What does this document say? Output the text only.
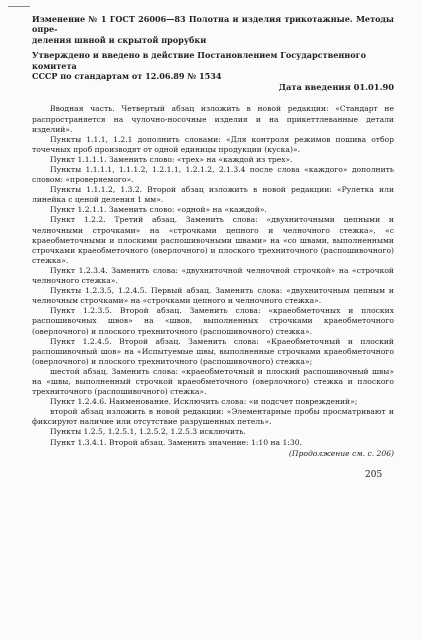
Изменение № 1 ГОСТ 26006—83 Полотна и изделия трикотажные. Методы опре-
деления швной и скрытой прорубки
Утверждено и введено в действие Постановлением Государственного комитета
СССР по стандартам от 12.06.89 № 1534
Дата введения 01.01.90
Вводная часть. Четвертый абзац изложить в новой редакции: «Стандарт не распространяется на чулочно-носочные изделия и на прикеттлеванные детали изделий».
Пункты 1.1.1, 1.2.1 дополнить словами: «Для контроля режимов пошива отбор точечных проб производят от одной единицы продукции (куска)».
Пункт 1.1.1.1. Заменить слово: «трех» на «каждой из трех».
Пункты 1.1.1.1, 1.1.1.2, 1.2.1.1, 1.2.1.2, 2.1.3.4 после слова «каждого» дополнить словом: «проверяемого».
Пункты 1.1.1.2, 1.3.2. Второй абзац изложить в новой редакции: «Рулетка или линейка с ценой деления 1 мм».
Пункт 1.2.1.1. Заменить слово: «одной» на «каждой».
Пункт 1.2.2. Третий абзац. Заменить слова: «двухниточными цепными и челночными строчками» на «строчками цепного и челночного стежка», «с краеобметочными и плоскими распошивочными швами» на «со швами, выполненными строчками краеобметочного (оверлочного) и плоского трехниточного (распошивочного) стежка».
Пункт 1.2.3.4. Заменить слова: «двухниточной челночной строчкой» на «строчкой челночного стежка».
Пункты 1.2.3.5, 1.2.4.5. Первый абзац. Заменить слова: «двухниточным цепным и челночным строчками» на «строчками цепного и челночного стежка».
Пункт 1.2.3.5. Второй абзац. Заменить слова: «краеобметочных и плоских распошивочных швов» на «швов, выполненных строчками краеобметочного (оверлочного) и плоского трехниточного (распошивочного) стежка».
Пункт 1.2.4.5. Второй абзац. Заменить слова: «Краеобметочный и плоский распошивочный шов» на «Испытуемые швы, выполненные строчками краеобметочного (оверлочного) и плоского трехниточного (распошивочного) стежка»;
шестой абзац. Заменить слова: «краеобметочный и плоский распошивочный швы» на «швы, выполненный строчкой краеобметочного (оверлочного) стежка и плоского трехниточного (распошивочного) стежка».
Пункт 1.2.4.6. Наименование. Исключить слова: «и подсчет повреждений»;
второй абзац изложить в новой редакции: «Элементарные пробы просматривают и фиксируют наличие или отсутствие разрушенных петель».
Пункты 1.2.5, 1.2.5.1, 1.2.5.2, 1.2.5.3 исключить.
Пункт 1.3.4.1. Второй абзац. Заменить значение: 1:10 на 1:30.
(Продолжение см. с. 206)
205
